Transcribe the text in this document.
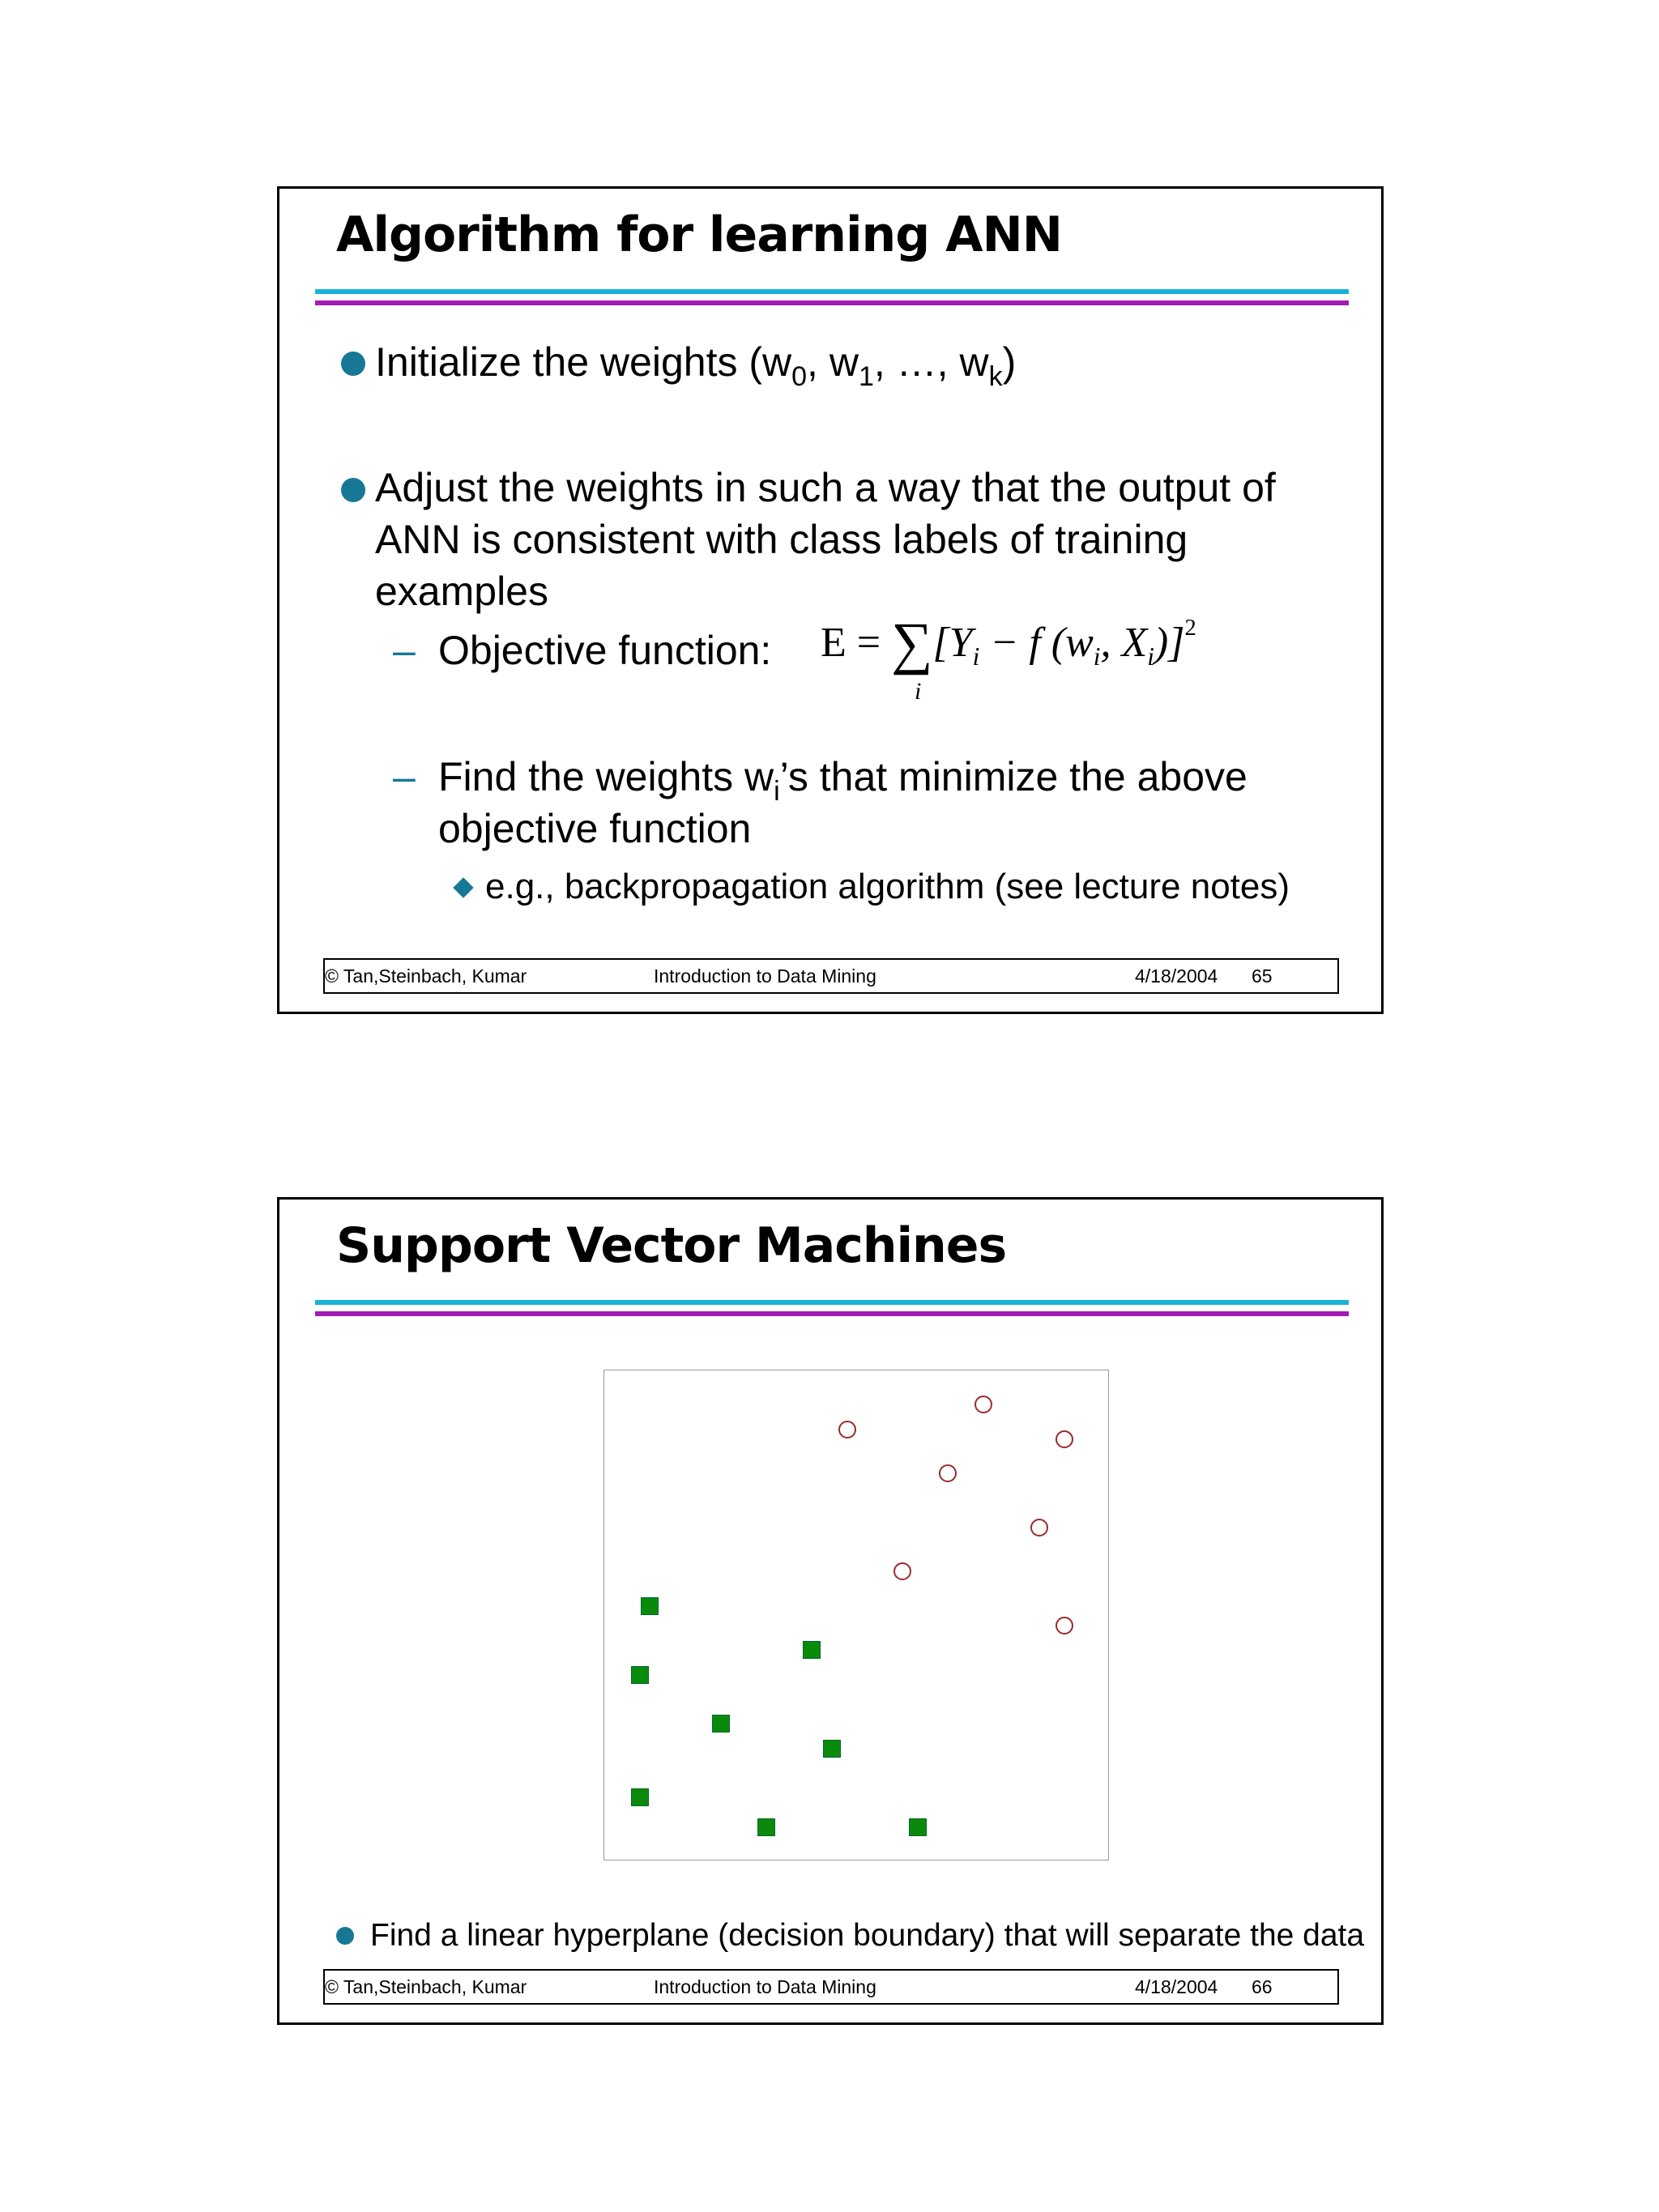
Algorithm for learning ANN
Initialize the weights ($w_0$, $w_1$, …, $w_k$)
Adjust the weights in such a way that the output of ANN is consistent with class labels of training examples
– Objective function: $E = \sum[Y_i - f$ ($w_i$, $X_i)]^2$
i
– Find the weights $w_i’s$ that minimize the above objective function
e.g., backpropagation algorithm (see lecture notes)
© Tan,Steinbach, Kumar	Introduction to Data Mining	4/18/2004 65
Support Vector Machines
Find a linear hyperplane (decision boundary) that will separate the data
© Tan,Steinbach, Kumar	Introduction to Data Mining	4/18/2004 66
